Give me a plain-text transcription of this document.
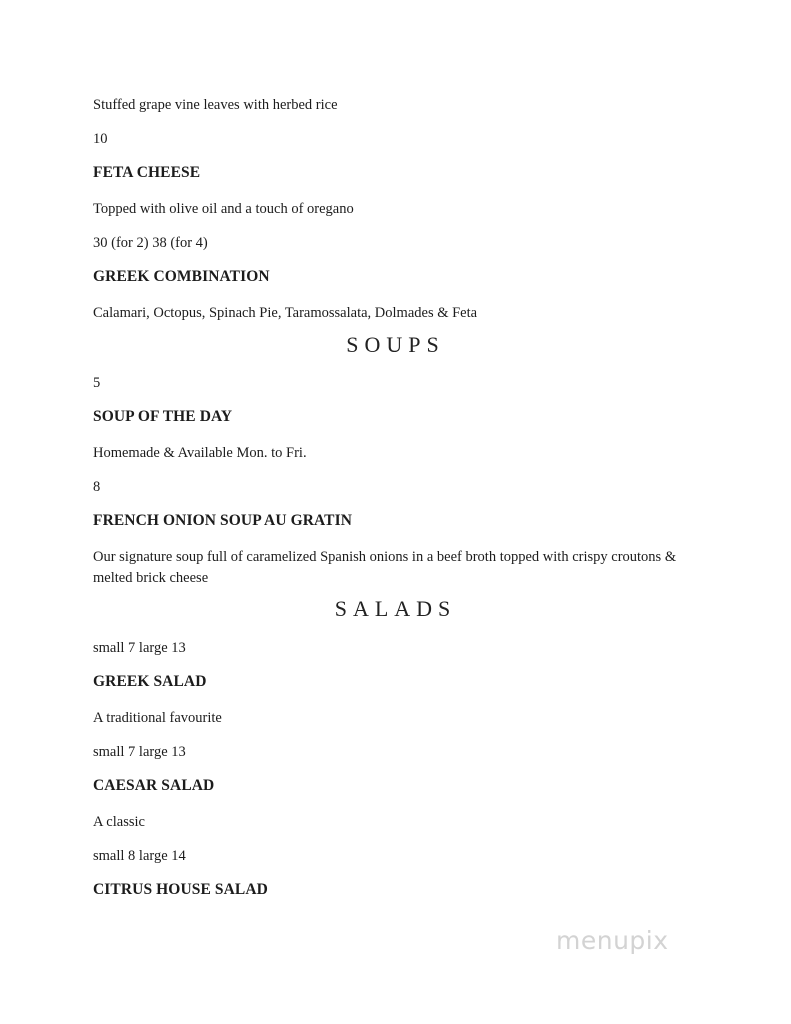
Stuffed grape vine leaves with herbed rice

10

FETA CHEESE

Topped with olive oil and a touch of oregano

30 (for 2) 38 (for 4)

GREEK COMBINATION

Calamari, Octopus, Spinach Pie, Taramossalata, Dolmades & Feta

SOUPS

5

SOUP OF THE DAY

Homemade & Available Mon. to Fri.

8

FRENCH ONION SOUP AU GRATIN

Our signature soup full of caramelized Spanish onions in a beef broth topped with crispy croutons & melted brick cheese

SALADS

small 7 large 13

GREEK SALAD

A traditional favourite

small 7 large 13

CAESAR SALAD

A classic

small 8 large 14

CITRUS HOUSE SALAD

menupix
